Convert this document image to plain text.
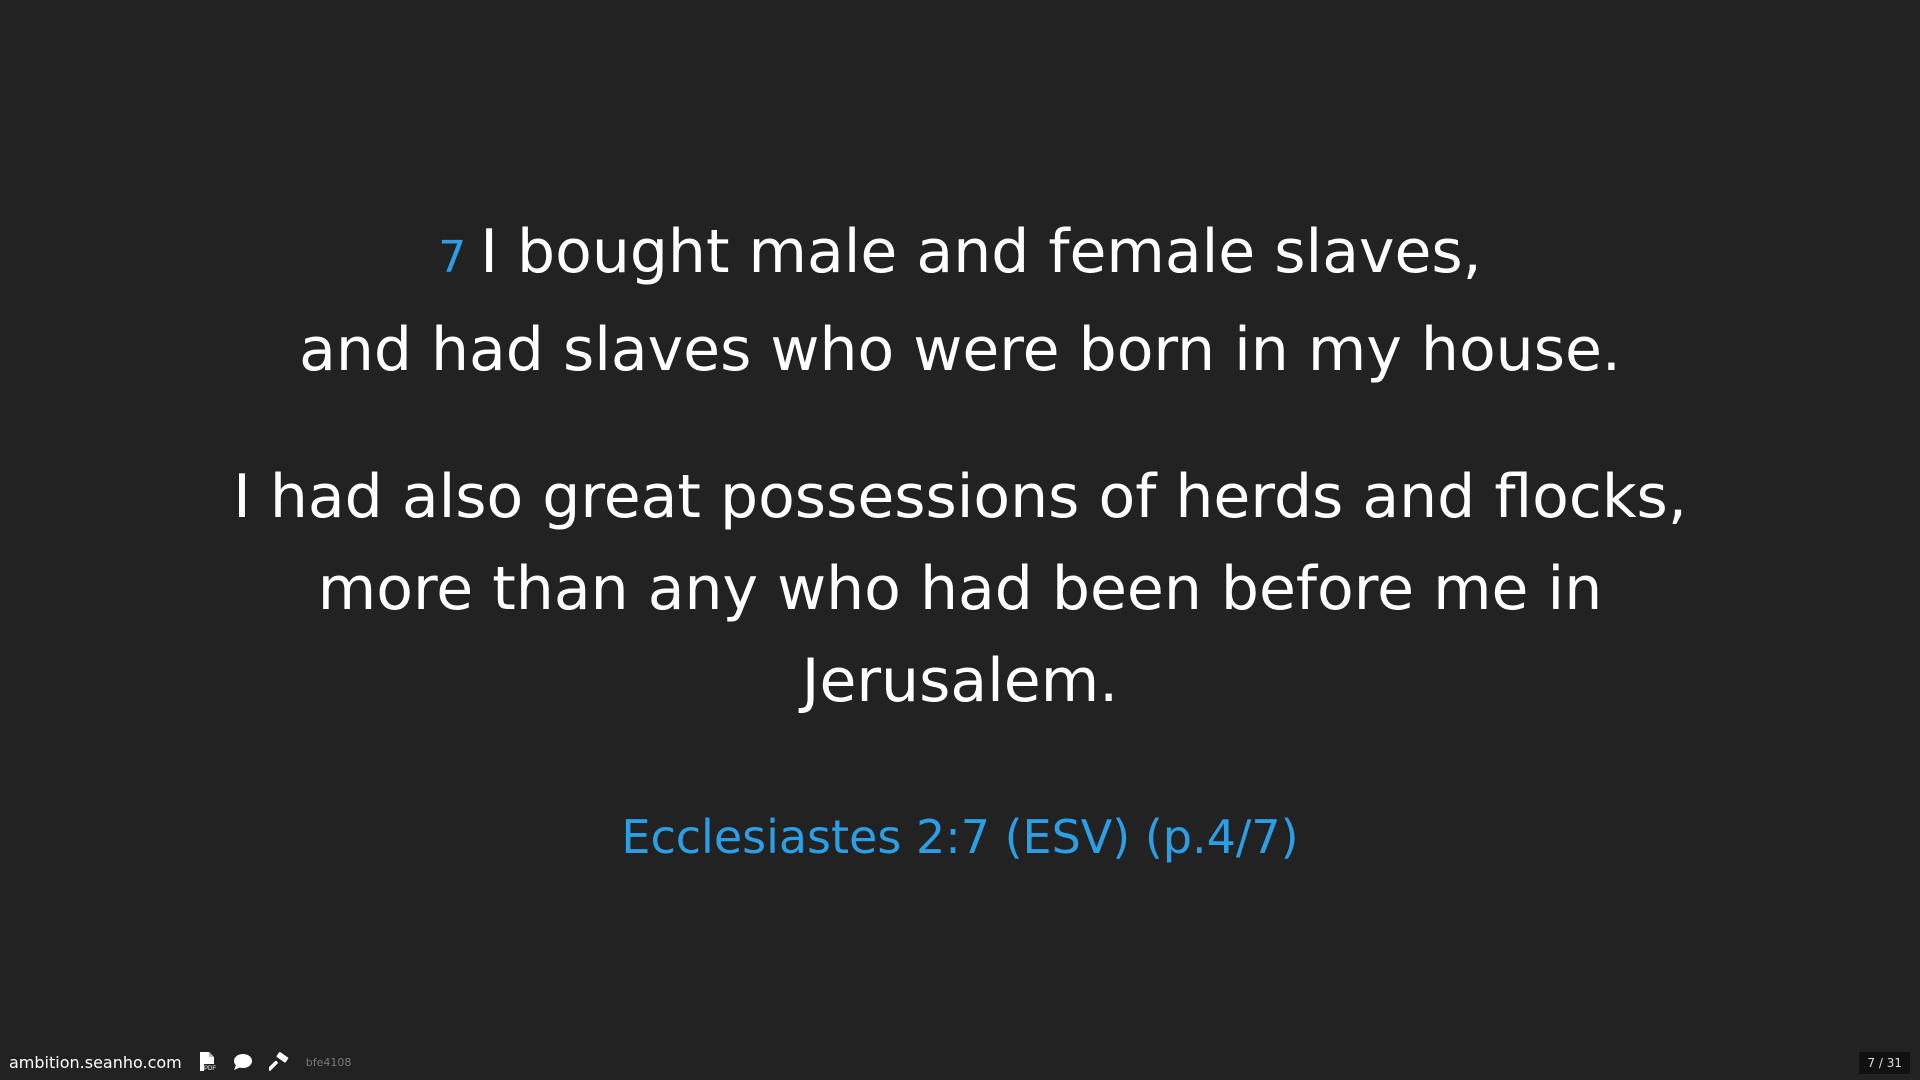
7 I bought male and female slaves,
and had slaves who were born in my house.
I had also great possessions of herds and flocks,
more than any who had been before me in
Jerusalem.
Ecclesiastes 2:7 (ESV) (p.4/7)
ambition.seanho.com	PDF
bfe4108	7 / 31
